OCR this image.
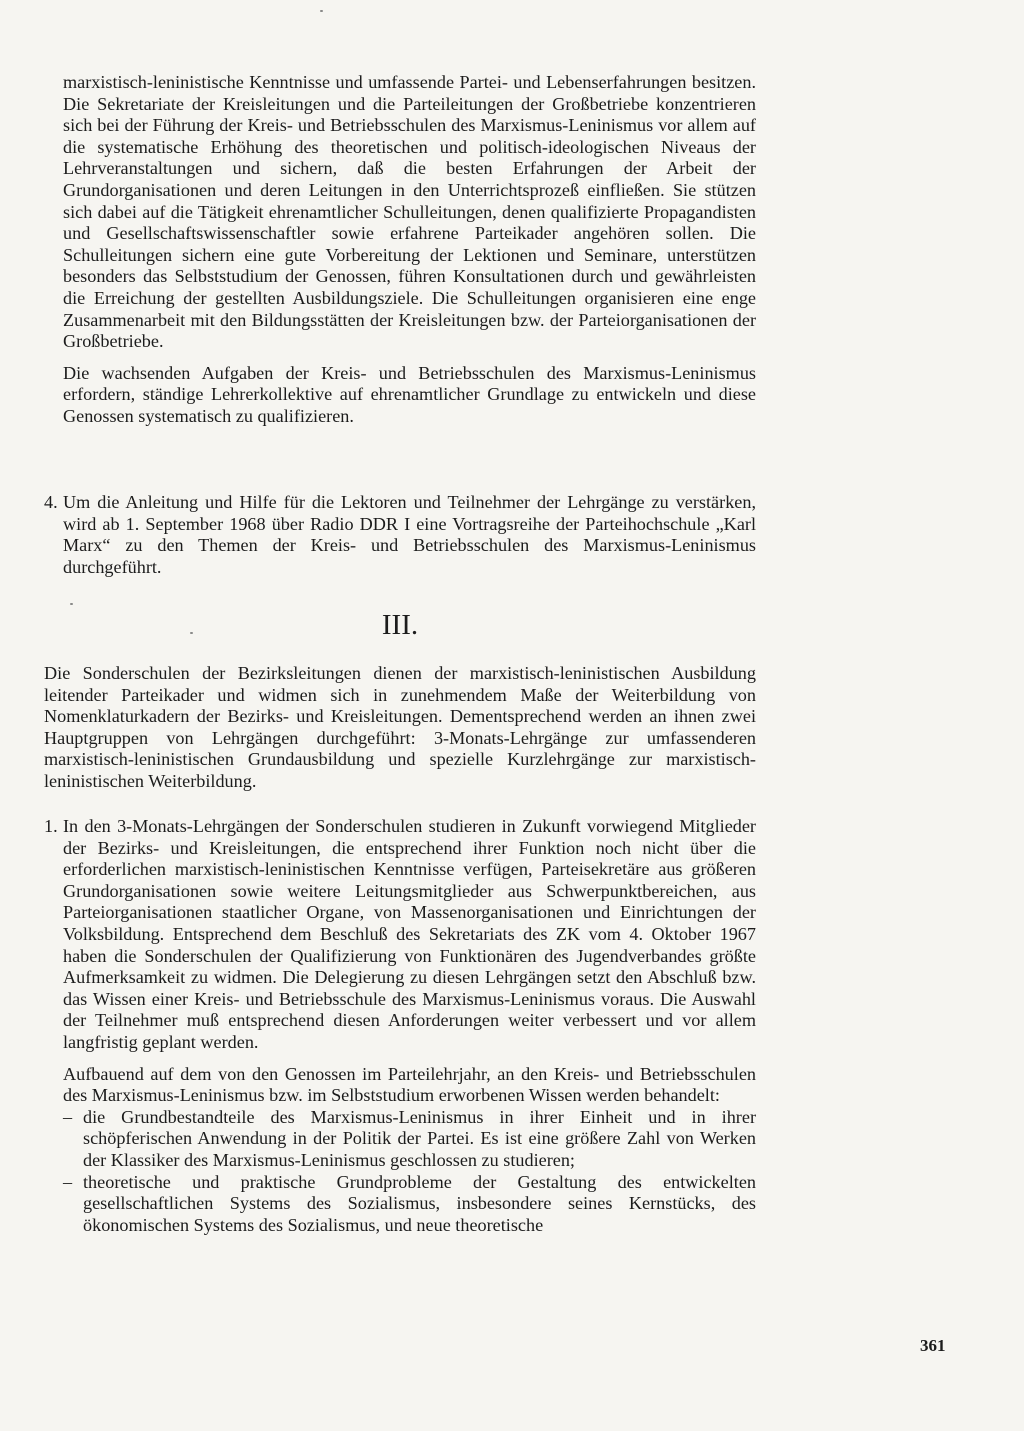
marxistisch-leninistische Kenntnisse und umfassende Partei- und Lebenserfahrungen besitzen. Die Sekretariate der Kreisleitungen und die Parteileitungen der Großbetriebe konzentrieren sich bei der Führung der Kreis- und Betriebsschulen des Marxismus-Leninismus vor allem auf die systematische Erhöhung des theoretischen und politisch-ideologischen Niveaus der Lehrveranstaltungen und sichern, daß die besten Erfahrungen der Arbeit der Grundorganisationen und deren Leitungen in den Unterrichtsprozeß einfließen. Sie stützen sich dabei auf die Tätigkeit ehrenamtlicher Schulleitungen, denen qualifizierte Propagandisten und Gesellschaftswissenschaftler sowie erfahrene Parteikader angehören sollen. Die Schulleitungen sichern eine gute Vorbereitung der Lektionen und Seminare, unterstützen besonders das Selbststudium der Genossen, führen Konsultationen durch und gewährleisten die Erreichung der gestellten Ausbildungsziele. Die Schulleitungen organisieren eine enge Zusammenarbeit mit den Bildungsstätten der Kreisleitungen bzw. der Parteiorganisationen der Großbetriebe.

Die wachsenden Aufgaben der Kreis- und Betriebsschulen des Marxismus-Leninismus erfordern, ständige Lehrerkollektive auf ehrenamtlicher Grundlage zu entwickeln und diese Genossen systematisch zu qualifizieren.

4. Um die Anleitung und Hilfe für die Lektoren und Teilnehmer der Lehrgänge zu verstärken, wird ab 1. September 1968 über Radio DDR I eine Vortragsreihe der Parteihochschule „Karl Marx“ zu den Themen der Kreis- und Betriebsschulen des Marxismus-Leninismus durchgeführt.

III.

Die Sonderschulen der Bezirksleitungen dienen der marxistisch-leninistischen Ausbildung leitender Parteikader und widmen sich in zunehmendem Maße der Weiterbildung von Nomenklaturkadern der Bezirks- und Kreisleitungen. Dementsprechend werden an ihnen zwei Hauptgruppen von Lehrgängen durchgeführt: 3-Monats-Lehrgänge zur umfassenderen marxistisch-leninistischen Grundausbildung und spezielle Kurzlehrgänge zur marxistisch-leninistischen Weiterbildung.

1. In den 3-Monats-Lehrgängen der Sonderschulen studieren in Zukunft vorwiegend Mitglieder der Bezirks- und Kreisleitungen, die entsprechend ihrer Funktion noch nicht über die erforderlichen marxistisch-leninistischen Kenntnisse verfügen, Parteisekretäre aus größeren Grundorganisationen sowie weitere Leitungsmitglieder aus Schwerpunktbereichen, aus Parteiorganisationen staatlicher Organe, von Massenorganisationen und Einrichtungen der Volksbildung. Entsprechend dem Beschluß des Sekretariats des ZK vom 4. Oktober 1967 haben die Sonderschulen der Qualifizierung von Funktionären des Jugendverbandes größte Aufmerksamkeit zu widmen. Die Delegierung zu diesen Lehrgängen setzt den Abschluß bzw. das Wissen einer Kreis- und Betriebsschule des Marxismus-Leninismus voraus. Die Auswahl der Teilnehmer muß entsprechend diesen Anforderungen weiter verbessert und vor allem langfristig geplant werden.

Aufbauend auf dem von den Genossen im Parteilehrjahr, an den Kreis- und Betriebsschulen des Marxismus-Leninismus bzw. im Selbststudium erworbenen Wissen werden behandelt:

– die Grundbestandteile des Marxismus-Leninismus in ihrer Einheit und in ihrer schöpferischen Anwendung in der Politik der Partei. Es ist eine größere Zahl von Werken der Klassiker des Marxismus-Leninismus geschlossen zu studieren;

– theoretische und praktische Grundprobleme der Gestaltung des entwickelten gesellschaftlichen Systems des Sozialismus, insbesondere seines Kernstücks, des ökonomischen Systems des Sozialismus, und neue theoretische

361
